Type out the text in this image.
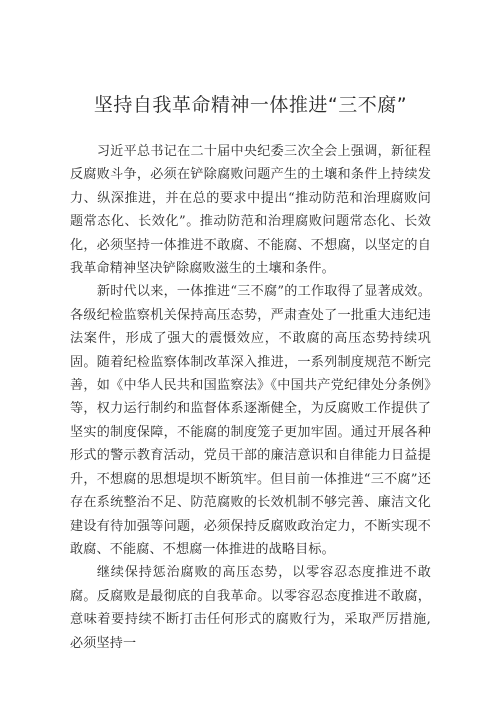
坚持自我革命精神一体推进“三不腐”

习近平总书记在二十届中央纪委三次全会上强调，新征程反腐败斗争，必须在铲除腐败问题产生的土壤和条件上持续发力、纵深推进，并在总的要求中提出“推动防范和治理腐败问题常态化、长效化”。推动防范和治理腐败问题常态化、长效化，必须坚持一体推进不敢腐、不能腐、不想腐，以坚定的自我革命精神坚决铲除腐败滋生的土壤和条件。

新时代以来，一体推进“三不腐”的工作取得了显著成效。各级纪检监察机关保持高压态势，严肃查处了一批重大违纪违法案件，形成了强大的震慑效应，不敢腐的高压态势持续巩固。随着纪检监察体制改革深入推进，一系列制度规范不断完善，如《中华人民共和国监察法》《中国共产党纪律处分条例》等，权力运行制约和监督体系逐渐健全，为反腐败工作提供了坚实的制度保障，不能腐的制度笼子更加牢固。通过开展各种形式的警示教育活动，党员干部的廉洁意识和自律能力日益提升，不想腐的思想堤坝不断筑牢。但目前一体推进“三不腐”还存在系统整治不足、防范腐败的长效机制不够完善、廉洁文化建设有待加强等问题，必须保持反腐败政治定力，不断实现不敢腐、不能腐、不想腐一体推进的战略目标。

继续保持惩治腐败的高压态势，以零容忍态度推进不敢腐。反腐败是最彻底的自我革命。以零容忍态度推进不敢腐，意味着要持续不断打击任何形式的腐败行为，采取严厉措施,必须坚持一
